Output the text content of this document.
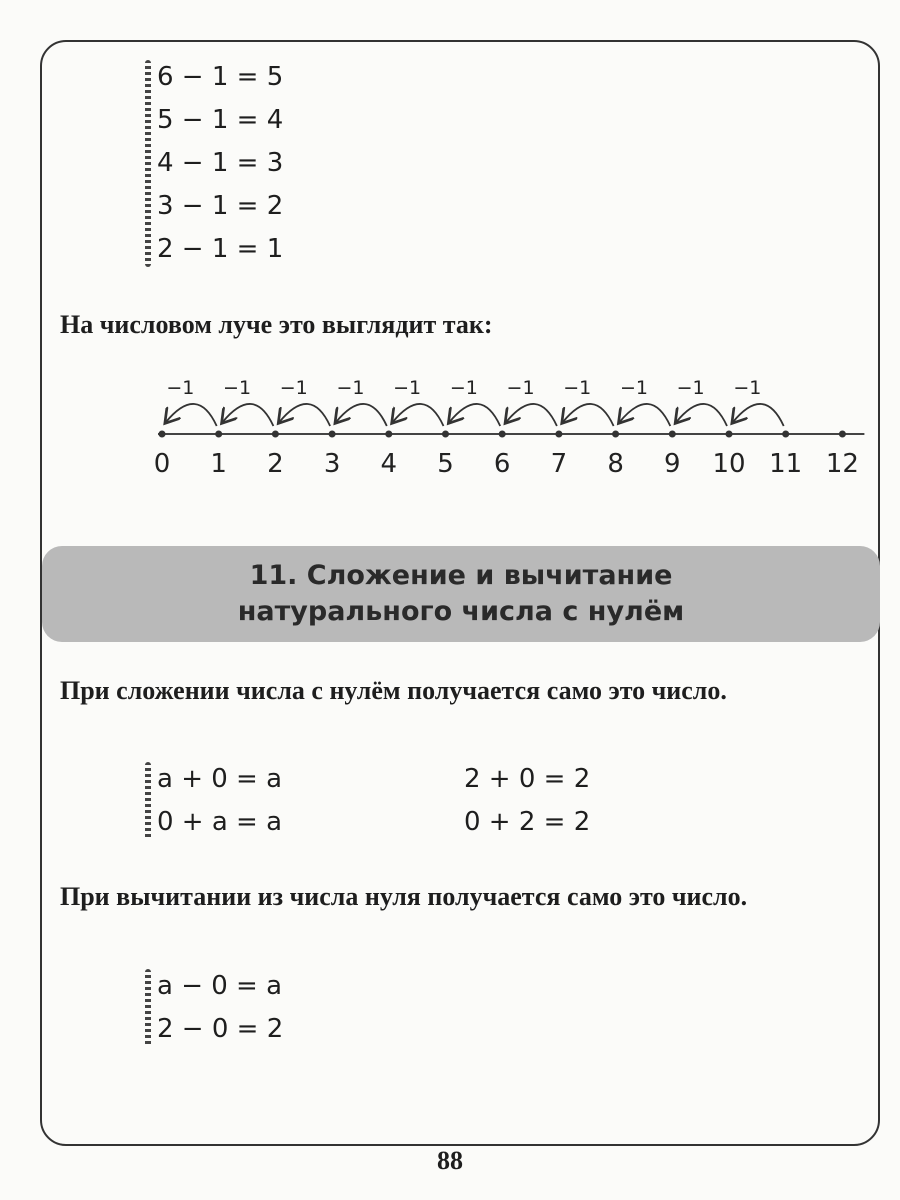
6 − 1 = 5
5 − 1 = 4
4 − 1 = 3
3 − 1 = 2
2 − 1 = 1
На числовом луче это выглядит так:
0 1 2 3 4 5 6 7 8 9 10 11 12
−1 −1 −1 −1 −1 −1 −1 −1 −1 −1 −1
11. Сложение и вычитание
натурального числа с нулём
При сложении числа с нулём получается само это число.
a + 0 = a
0 + a = a
2 + 0 = 2
0 + 2 = 2
При вычитании из числа нуля получается само это число.
a − 0 = a
2 − 0 = 2
88
